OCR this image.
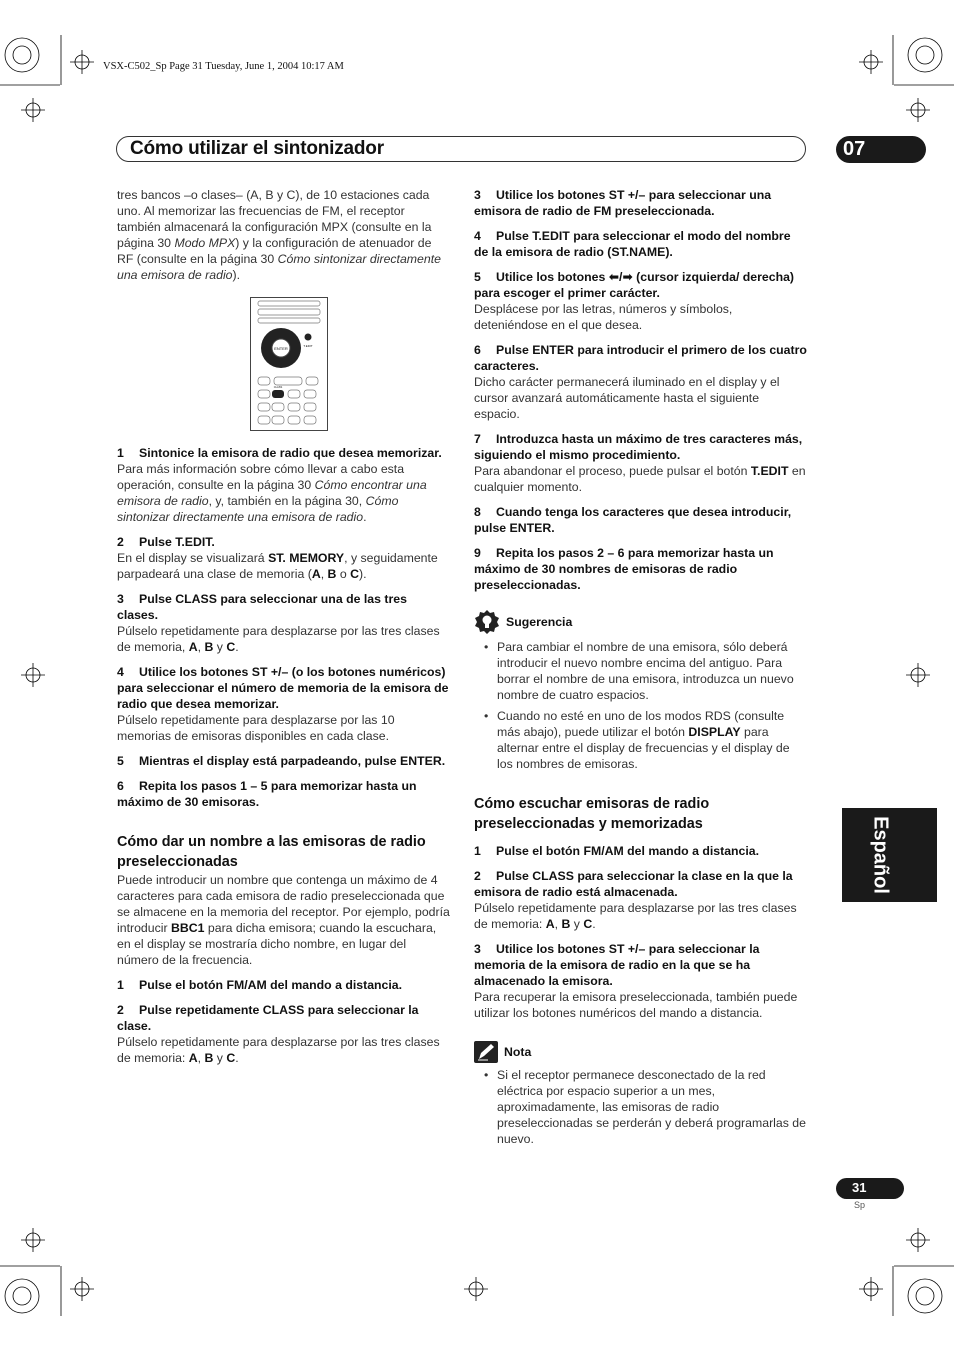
VSX-C502_Sp Page 31 Tuesday, June 1, 2004 10:17 AM
Cómo utilizar el sintonizador	07
Español
31
Sp

tres bancos –o clases– (A, B y C), de 10 estaciones cada uno. Al memorizar las frecuencias de FM, el receptor también almacenará la configuración MPX (consulte en la página 30 Modo MPX) y la configuración de atenuador de RF (consulte en la página 30 Cómo sintonizar directamente una emisora de radio).

ENTER	T.EDIT
CLASS

1 Sintonice la emisora de radio que desea memorizar.
Para más información sobre cómo llevar a cabo esta operación, consulte en la página 30 Cómo encontrar una emisora de radio, y, también en la página 30, Cómo sintonizar directamente una emisora de radio.

2 Pulse T.EDIT.
En el display se visualizará ST. MEMORY, y seguidamente parpadeará una clase de memoria (A, B o C).

3 Pulse CLASS para seleccionar una de las tres clases.
Púlselo repetidamente para desplazarse por las tres clases de memoria, A, B y C.

4 Utilice los botones ST +/– (o los botones numéricos) para seleccionar el número de memoria de la emisora de radio que desea memorizar.
Púlselo repetidamente para desplazarse por las 10 memorias de emisoras disponibles en cada clase.

5 Mientras el display está parpadeando, pulse ENTER.

6 Repita los pasos 1 – 5 para memorizar hasta un máximo de 30 emisoras.

Cómo dar un nombre a las emisoras de radio preseleccionadas

Puede introducir un nombre que contenga un máximo de 4 caracteres para cada emisora de radio preseleccionada que se almacene en la memoria del receptor. Por ejemplo, podría introducir BBC1 para dicha emisora; cuando la escuchara, en el display se mostraría dicho nombre, en lugar del número de la frecuencia.

1 Pulse el botón FM/AM del mando a distancia.

2 Pulse repetidamente CLASS para seleccionar la clase.
Púlselo repetidamente para desplazarse por las tres clases de memoria: A, B y C.

3 Utilice los botones ST +/– para seleccionar una emisora de radio de FM preseleccionada.

4 Pulse T.EDIT para seleccionar el modo del nombre de la emisora de radio (ST.NAME).

5 Utilice los botones ⬅/➡ (cursor izquierda/ derecha) para escoger el primer carácter.
Desplácese por las letras, números y símbolos, deteniéndose en el que desea.

6 Pulse ENTER para introducir el primero de los cuatro caracteres.
Dicho carácter permanecerá iluminado en el display y el cursor avanzará automáticamente hasta el siguiente espacio.

7 Introduzca hasta un máximo de tres caracteres más, siguiendo el mismo procedimiento.
Para abandonar el proceso, puede pulsar el botón T.EDIT en cualquier momento.

8 Cuando tenga los caracteres que desea introducir, pulse ENTER.

9 Repita los pasos 2 – 6 para memorizar hasta un máximo de 30 nombres de emisoras de radio preseleccionadas.

Sugerencia

• Para cambiar el nombre de una emisora, sólo deberá introducir el nuevo nombre encima del antiguo. Para borrar el nombre de una emisora, introduzca un nuevo nombre de cuatro espacios.
• Cuando no esté en uno de los modos RDS (consulte más abajo), puede utilizar el botón DISPLAY para alternar entre el display de frecuencias y el display de los nombres de emisoras.

Cómo escuchar emisoras de radio preseleccionadas y memorizadas

1 Pulse el botón FM/AM del mando a distancia.

2 Pulse CLASS para seleccionar la clase en la que la emisora de radio está almacenada.
Púlselo repetidamente para desplazarse por las tres clases de memoria: A, B y C.

3 Utilice los botones ST +/– para seleccionar la memoria de la emisora de radio en la que se ha almacenado la emisora.
Para recuperar la emisora preseleccionada, también puede utilizar los botones numéricos del mando a distancia.

Nota

• Si el receptor permanece desconectado de la red eléctrica por espacio superior a un mes, aproximadamente, las emisoras de radio preseleccionadas se perderán y deberá programarlas de nuevo.
